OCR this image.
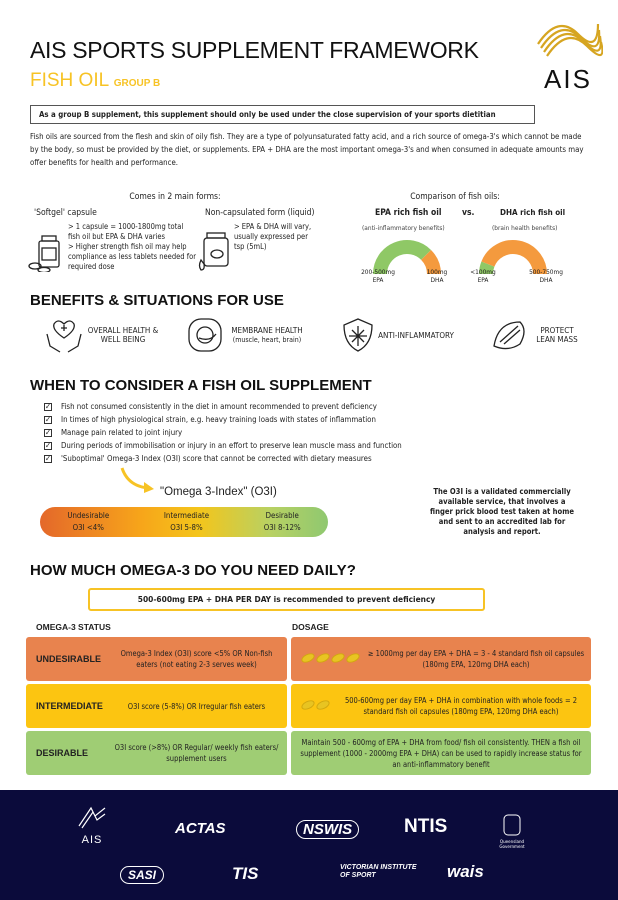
AIS SPORTS SUPPLEMENT FRAMEWORK
FISH OIL GROUP B	AIS
As a group B supplement, this supplement should only be used under the close supervision of your sports dietitian
Fish oils are sourced from the flesh and skin of oily fish. They are a type of polyunsaturated fatty acid, and a rich source of omega-3's which cannot be made by the body, so must be provided by the diet, or supplements. EPA + DHA are the most important omega-3's and when consumed in adequate amounts may offer benefits for health and performance.
Comes in 2 main forms:
'Softgel' capsule	Non-capsulated form (liquid)
> 1 capsule = 1000-1800mg total fish oil but EPA & DHA varies
> Higher strength fish oil may help compliance as less tablets needed for required dose
> EPA & DHA will vary, usually expressed per tsp (5mL)
Comparison of fish oils:
EPA rich fish oil vs.	DHA rich fish oil
(anti-inflammatory benefits)	(brain health benefits)
200-500mg EPA
100mg DHA
<100mg EPA
500-750mg DHA
BENEFITS & SITUATIONS FOR USE
OVERALL HEALTH & WELL BEING
MEMBRANE HEALTH
(muscle, heart, brain)	ANTI-INFLAMMATORY	PROTECT LEAN MASS
WHEN TO CONSIDER A FISH OIL SUPPLEMENT
✓ Fish not consumed consistently in the diet in amount recommended to prevent deficiency
✓ In times of high physiological strain, e.g. heavy training loads with states of inflammation
✓ Manage pain related to joint injury
✓ During periods of immobilisation or injury in an effort to preserve lean muscle mass and function
✓ 'Suboptimal' Omega-3 Index (O3I) score that cannot be corrected with dietary measures
"Omega 3-Index" (O3I)
Undesirable
O3I <4%
Intermediate
O3I 5-8%
Desirable
O3I 8-12%
The O3I is a validated commercially available service, that involves a finger prick blood test taken at home and sent to an accredited lab for analysis and report.
HOW MUCH OMEGA-3 DO YOU NEED DAILY?
500-600mg EPA + DHA PER DAY is recommended to prevent deficiency
OMEGA-3 STATUS	DOSAGE
UNDESIRABLE	Omega-3 Index (O3I) score <5% OR Non-fish eaters (not eating 2-3 serves week)
≥ 1000mg per day EPA + DHA = 3 - 4 standard fish oil capsules (180mg EPA, 120mg DHA each)
INTERMEDIATE	O3I score (5-8%) OR Irregular fish eaters
500-600mg per day EPA + DHA in combination with whole foods = 2 standard fish oil capsules (180mg EPA, 120mg DHA each)
DESIRABLE	O3I score (>8%) OR Regular/ weekly fish eaters/ supplement users
Maintain 500 - 600mg of EPA + DHA from food/ fish oil consistently. THEN a fish oil supplement (1000 - 2000mg EPA + DHA) can be used to rapidly increase status for an anti-inflammatory benefit
AIS
ACTAS	NSWIS	NTIS
Queensland Government
SASI	TIS	VICTORIAN INSTITUTE OF SPORT	wais
